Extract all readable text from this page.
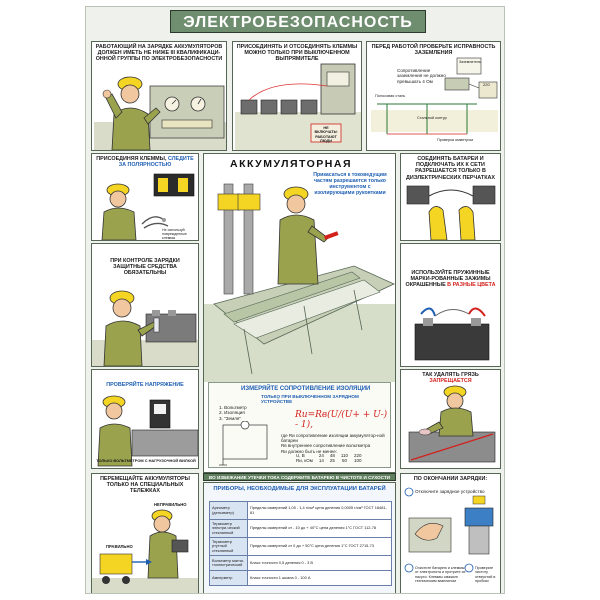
ЭЛЕКТРОБЕЗОПАСНОСТЬ
РАБОТАЮЩИЙ НА ЗАРЯДКЕ АККУМУЛЯТОРОВ ДОЛЖЕН ИМЕТЬ НЕ НИЖЕ III КВАЛИФИКАЦИ-ОННОЙ ГРУППЫ ПО ЭЛЕКТРОБЕЗОПАСНОСТИ
ПРИСОЕДИНЯТЬ И ОТСОЕДИНЯТЬ КЛЕММЫ МОЖНО ТОЛЬКО ПРИ ВЫКЛЮЧЕННОМ ВЫПРЯМИТЕЛЕ
НЕ ВКЛЮЧАТЬ! РАБОТАЮТ ЛЮДИ
ПЕРЕД РАБОТОЙ ПРОВЕРЬТЕ ИСПРАВНОСТЬ ЗАЗЕМЛЕНИЯ
Сопротивление заземления не должно превышать 4 Ом
Заземлитель
Полосовая сталь
Стальной контур
Проверка омметром
220
ПРИСОЕДИНЯЯ КЛЕММЫ, СЛЕДИТЕ ЗА ПОЛЯРНОСТЬЮ
Не используй поврежденные клеммы
ПРИ КОНТРОЛЕ ЗАРЯДКИ ЗАЩИТНЫЕ СРЕДСТВА ОБЯЗАТЕЛЬНЫ
ПРОВЕРЯЙТЕ НАПРЯЖЕНИЕ
ТОЛЬКО ВОЛЬТМЕТРОМ С НАГРУЗОЧНОЙ ВИЛКОЙ
АККУМУЛЯТОРНАЯ
Прикасаться к токоведущим частям разрешается только инструментом с изолирующими рукоятками
ИЗМЕРЯЙТЕ СОПРОТИВЛЕНИЕ ИЗОЛЯЦИИ
ТОЛЬКО ПРИ ВЫКЛЮЧЕННОМ ЗАРЯДНОМ УСТРОЙСТВЕ
1. Вольтметр
2. Изоляция
3. "Земля"	Rи=Rв(U/(U+ + U-) - 1),
где Rи сопротивление изоляции аккумулятор-ной батареи
Rв внутреннее сопротивление вольтметра
Rи должно быть не менее:
U, В	24	48	110	220
Rи, кОм	14	25	50	100
СОЕДИНЯТЬ БАТАРЕИ И ПОДКЛЮЧАТЬ ИХ К СЕТИ РАЗРЕШАЕТСЯ ТОЛЬКО В ДИЭЛЕКТРИЧЕСКИХ ПЕРЧАТКАХ
ИСПОЛЬЗУЙТЕ ПРУЖИННЫЕ МАРКИ-РОВАННЫЕ ЗАЖИМЫ ОКРАШЕННЫЕ В РАЗНЫЕ ЦВЕТА
ТАК УДАЛЯТЬ ГРЯЗЬ ЗАПРЕЩАЕТСЯ
ПЕРЕМЕЩАЙТЕ АККУМУЛЯТОРЫ ТОЛЬКО НА СПЕЦИАЛЬНЫХ ТЕЛЕЖКАХ
НЕПРАВИЛЬНО
ПРАВИЛЬНО
ПРИБОРЫ, НЕОБХОДИМЫЕ ДЛЯ ЭКСПЛУАТАЦИИ БАТАРЕЙ
Ареометр (денсиметр)	Пределы измерений 1,05 - 1,4 г/см³ цена деления 0,0005 г/см³ ГОСТ 18481-81
Термометр электри-ческий стеклянный	Пределы измерений от - 10 до + 40°С цена деления 1°С ГОСТ 112-78
Термометр ртутный стеклянный	Пределы измерений от 0 до + 50°С цена деления 1°С ГОСТ 2715-73
Вольтметр магни-тоэлектрический	Класс точности 0,5 деления 0 - 3 В
Амперметр	Класс точности 1 шкала 0 - 100 А
ВО ИЗБЕЖАНИЕ УТЕЧКИ ТОКА СОДЕРЖИТЕ БАТАРЕЮ В ЧИСТОТЕ И СУХОСТИ	ПО ОКОНЧАНИИ ЗАРЯДКИ:
Отключите зарядное устройство
Очистите батарею и клеммы от электролита и протрите их насухо. Клеммы смажьте техническим вазелином
Проверьте чистоту отверстий в пробках
